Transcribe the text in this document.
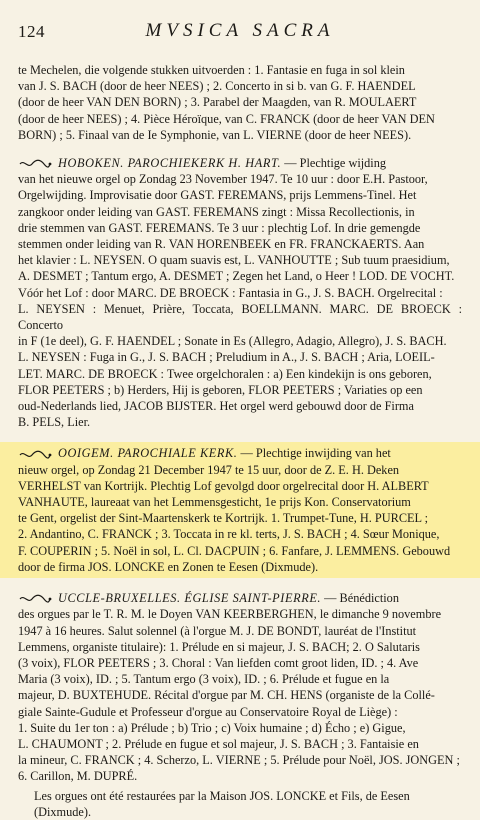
124	MVSICA SACRA
te Mechelen, die volgende stukken uitvoerden : 1. Fantasie en fuga in sol klein
van J. S. BACH (door de heer NEES) ; 2. Concerto in si b. van G. F. HAENDEL
(door de heer VAN DEN BORN) ; 3. Parabel der Maagden, van R. MOULAERT
(door de heer NEES) ; 4. Pièce Héroïque, van C. FRANCK (door de heer VAN DEN
BORN) ; 5. Finaal van de Ie Symphonie, van L. VIERNE (door de heer NEES).
HOBOKEN. PAROCHIEKERK H. HART. — Plechtige wijding
van het nieuwe orgel op Zondag 23 November 1947. Te 10 uur : door E.H. Pastoor,
Orgelwijding. Improvisatie door GAST. FEREMANS, prijs Lemmens-Tinel. Het
zangkoor onder leiding van GAST. FEREMANS zingt : Missa Recollectionis, in
drie stemmen van GAST. FEREMANS. Te 3 uur : plechtig Lof. In drie gemengde
stemmen onder leiding van R. VAN HORENBEEK en FR. FRANCKAERTS. Aan
het klavier : L. NEYSEN. O quam suavis est, L. VANHOUTTE ; Sub tuum praesidium,
A. DESMET ; Tantum ergo, A. DESMET ; Zegen het Land, o Heer ! LOD. DE VOCHT.
Vóór het Lof : door MARC. DE BROECK : Fantasia in G., J. S. BACH. Orgelrecital :
L. NEYSEN : Menuet, Prière, Toccata, BOELLMANN. MARC. DE BROECK : Concerto
in F (1e deel), G. F. HAENDEL ; Sonate in Es (Allegro, Adagio, Allegro), J. S. BACH.
L. NEYSEN : Fuga in G., J. S. BACH ; Preludium in A., J. S. BACH ; Aria, LOEIL-
LET. MARC. DE BROECK : Twee orgelchoralen : a) Een kindekijn is ons geboren,
FLOR PEETERS ; b) Herders, Hij is geboren, FLOR PEETERS ; Variaties op een
oud-Nederlands lied, JACOB BIJSTER. Het orgel werd gebouwd door de Firma
B. PELS, Lier.
OOIGEM. PAROCHIALE KERK. — Plechtige inwijding van het
nieuw orgel, op Zondag 21 December 1947 te 15 uur, door de Z. E. H. Deken
VERHELST van Kortrijk. Plechtig Lof gevolgd door orgelrecital door H. ALBERT
VANHAUTE, laureaat van het Lemmensgesticht, 1e prijs Kon. Conservatorium
te Gent, orgelist der Sint-Maartenskerk te Kortrijk. 1. Trumpet-Tune, H. PURCEL ;
2. Andantino, C. FRANCK ; 3. Toccata in re kl. terts, J. S. BACH ; 4. Sœur Monique,
F. COUPERIN ; 5. Noël in sol, L. Cl. DACPUIN ; 6. Fanfare, J. LEMMENS. Gebouwd
door de firma JOS. LONCKE en Zonen te Eesen (Dixmude).
UCCLE-BRUXELLES. ÉGLISE SAINT-PIERRE. — Bénédiction
des orgues par le T. R. M. le Doyen VAN KEERBERGHEN, le dimanche 9 novembre
1947 à 16 heures. Salut solennel (à l'orgue M. J. DE BONDT, lauréat de l'Institut
Lemmens, organiste titulaire): 1. Prélude en si majeur, J. S. BACH; 2. O Salutaris
(3 voix), FLOR PEETERS ; 3. Choral : Van liefden comt groot liden, ID. ; 4. Ave
Maria (3 voix), ID. ; 5. Tantum ergo (3 voix), ID. ; 6. Prélude et fugue en la
majeur, D. BUXTEHUDE. Récital d'orgue par M. CH. HENS (organiste de la Collé-
giale Sainte-Gudule et Professeur d'orgue au Conservatoire Royal de Liège) :
1. Suite du 1er ton : a) Prélude ; b) Trio ; c) Voix humaine ; d) Écho ; e) Gigue,
L. CHAUMONT ; 2. Prélude en fugue et sol majeur, J. S. BACH ; 3. Fantaisie en
la mineur, C. FRANCK ; 4. Scherzo, L. VIERNE ; 5. Prélude pour Noël, JOS. JONGEN ;
6. Carillon, M. DUPRÉ.
Les orgues ont été restaurées par la Maison JOS. LONCKE et Fils, de Eesen
(Dixmude).
